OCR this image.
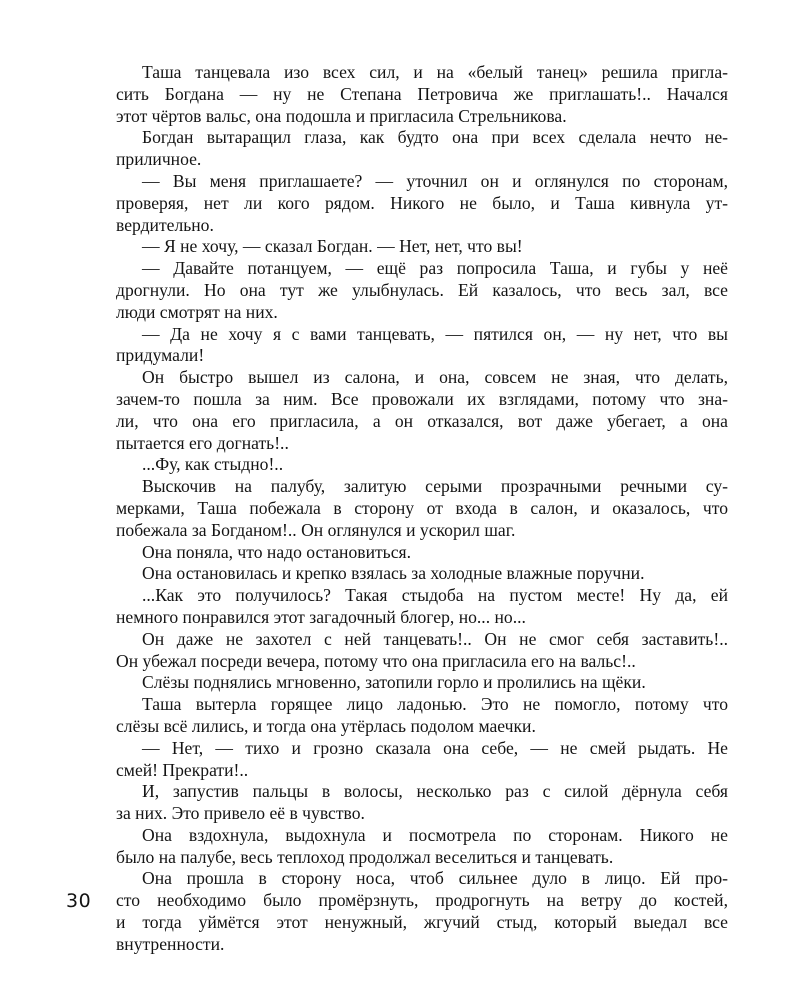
Таша танцевала изо всех сил, и на «белый танец» решила пригла-
сить Богдана — ну не Степана Петровича же приглашать!.. Начался
этот чёртов вальс, она подошла и пригласила Стрельникова.

Богдан вытаращил глаза, как будто она при всех сделала нечто не-
приличное.

— Вы меня приглашаете? — уточнил он и оглянулся по сторонам,
проверяя, нет ли кого рядом. Никого не было, и Таша кивнула ут-
вердительно.

— Я не хочу, — сказал Богдан. — Нет, нет, что вы!

— Давайте потанцуем, — ещё раз попросила Таша, и губы у неё
дрогнули. Но она тут же улыбнулась. Ей казалось, что весь зал, все
люди смотрят на них.

— Да не хочу я с вами танцевать, — пятился он, — ну нет, что вы
придумали!

Он быстро вышел из салона, и она, совсем не зная, что делать,
зачем-то пошла за ним. Все провожали их взглядами, потому что зна-
ли, что она его пригласила, а он отказался, вот даже убегает, а она
пытается его догнать!..

...Фу, как стыдно!..

Выскочив на палубу, залитую серыми прозрачными речными су-
мерками, Таша побежала в сторону от входа в салон, и оказалось, что
побежала за Богданом!.. Он оглянулся и ускорил шаг.

Она поняла, что надо остановиться.

Она остановилась и крепко взялась за холодные влажные поручни.

...Как это получилось? Такая стыдоба на пустом месте! Ну да, ей
немного понравился этот загадочный блогер, но... но...

Он даже не захотел с ней танцевать!.. Он не смог себя заставить!..
Он убежал посреди вечера, потому что она пригласила его на вальс!..

Слёзы поднялись мгновенно, затопили горло и пролились на щёки.

Таша вытерла горящее лицо ладонью. Это не помогло, потому что
слёзы всё лились, и тогда она утёрлась подолом маечки.

— Нет, — тихо и грозно сказала она себе, — не смей рыдать. Не
смей! Прекрати!..

И, запустив пальцы в волосы, несколько раз с силой дёрнула себя
за них. Это привело её в чувство.

Она вздохнула, выдохнула и посмотрела по сторонам. Никого не
было на палубе, весь теплоход продолжал веселиться и танцевать.

Она прошла в сторону носа, чтоб сильнее дуло в лицо. Ей про-
сто необходимо было промёрзнуть, продрогнуть на ветру до костей,
и тогда уймётся этот ненужный, жгучий стыд, который выедал все
внутренности.

30
